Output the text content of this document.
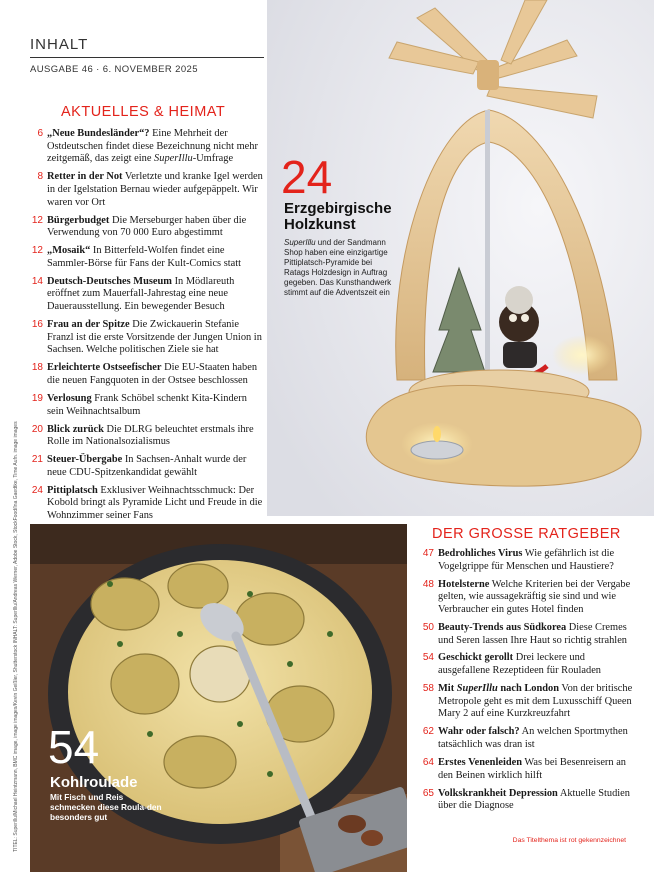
INHALT
AUSGABE 46 · 6. NOVEMBER 2025
AKTUELLES & HEIMAT
6 „Neue Bundesländer“? Eine Mehrheit der Ostdeutschen findet diese Bezeichnung nicht mehr zeitgemäß, das zeigt eine SuperIllu-Umfrage
8 Retter in der Not Verletzte und kranke Igel werden in der Igelstation Bernau wieder aufgepäppelt. Wir waren vor Ort
12 Bürgerbudget Die Merseburger haben über die Verwendung von 70 000 Euro abgestimmt
12 „Mosaik“ In Bitterfeld-Wolfen findet eine Sammler-Börse für Fans der Kult-Comics statt
14 Deutsch-Deutsches Museum In Mödlareuth eröffnet zum Mauerfall-Jahrestag eine neue Dauerausstellung. Ein bewegender Besuch
16 Frau an der Spitze Die Zwickauerin Stefanie Franzl ist die erste Vorsitzende der Jungen Union in Sachsen. Welche politischen Ziele sie hat
18 Erleichterte Ostseefischer Die EU-Staaten haben die neuen Fangquoten in der Ostsee beschlossen
19 Verlosung Frank Schöbel schenkt Kita-Kindern sein Weihnachtsalbum
20 Blick zurück Die DLRG beleuchtet erstmals ihre Rolle im Nationalsozialismus
21 Steuer-Übergabe In Sachsen-Anhalt wurde der neue CDU-Spitzenkandidat gewählt
24 Pittiplatsch Exklusiver Weihnachtsschmuck: Der Kobold bringt als Pyramide Licht und Freude in die Wohnzimmer seiner Fans
24
Erzgebirgische
Holzkunst
SuperIllu und der Sandmann Shop haben eine einzigartige Pittiplatsch-Pyramide bei Ratags Holzdesign in Auftrag gegeben. Das Kunsthandwerk stimmt auf die Adventszeit ein
54
Kohlroulade
Mit Fisch und Reis schmecken diese Roula-den besonders gut
DER GROSSE RATGEBER
47 Bedrohliches Virus Wie gefährlich ist die Vogelgrippe für Menschen und Haustiere?
48 Hotelsterne Welche Kriterien bei der Vergabe gelten, wie aussagekräftig sie sind und wie Verbraucher ein gutes Hotel finden
50 Beauty-Trends aus Südkorea Diese Cremes und Seren lassen Ihre Haut so richtig strahlen
54 Geschickt gerollt Drei leckere und ausgefallene Rezeptideen für Rouladen
58 Mit SuperIllu nach London Von der britische Metropole geht es mit dem Luxusschiff Queen Mary 2 auf eine Kurzkreuzfahrt
62 Wahr oder falsch? An welchen Sportmythen tatsächlich was dran ist
64 Erstes Venenleiden Was bei Besenreisern an den Beinen wirklich hilft
65 Volkskrankheit Depression Aktuelle Studien über die Diagnose
TITEL: Superillu/Michael Heintzmann, BMC image, image images/Kevin Geißler, Shutterstock INHALT: SuperIllu/Andreas Werner, Adobe Stock, StockFood/Ina Gaedtke, Time Aufn. image images	Das Titelthema ist rot gekennzeichnet
